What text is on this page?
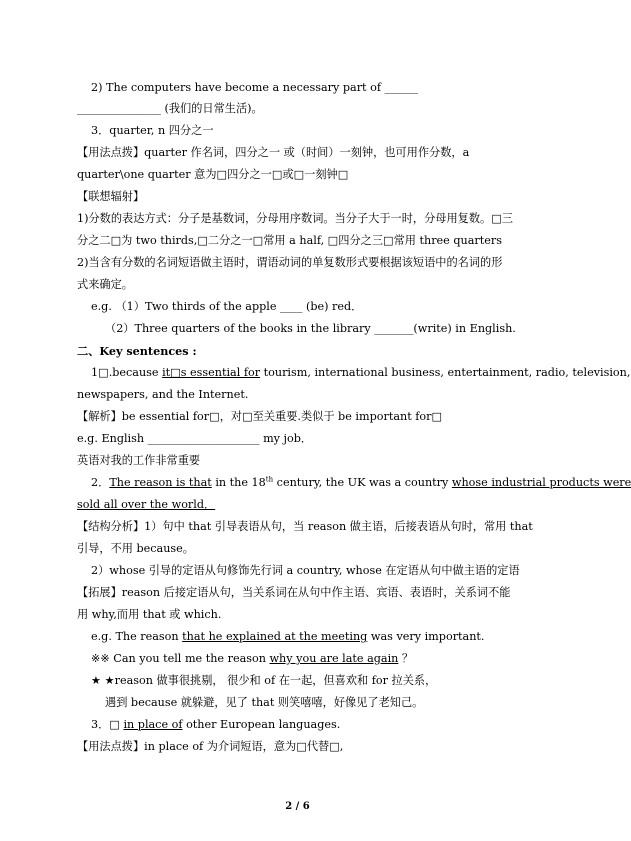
2) The computers have become a necessary part of ______
_______________ (我们的日常生活)。
3．quarter, n 四分之一
【用法点拨】quarter 作名词，四分之一 或（时间）一刻钟，也可用作分数，a
quarter\one quarter 意为□四分之一□或□一刻钟□
【联想辐射】
1)分数的表达方式：分子是基数词，分母用序数词。当分子大于一时，分母用复数。□三
分之二□为 two thirds,□二分之一□常用 a half, □四分之三□常用 three quarters
2)当含有分数的名词短语做主语时，谓语动词的单复数形式要根据该短语中的名词的形
式来确定。
e.g. （1）Two thirds of the apple ____ (be) red．
（2）Three quarters of the books in the library _______(write) in English.
二、Key sentences :
1□.because it□s essential for tourism, international business, entertainment, radio, television,
newspapers, and the Internet.
【解析】be essential for□，对□至关重要.类似于 be important for□
e.g. English ____________________ my job．
英语对我的工作非常重要
2．The reason is that in the 18th century, the UK was a country whose industrial products were
sold all over the world．
【结构分析】1）句中 that 引导表语从句，当 reason 做主语，后接表语从句时，常用 that
引导，不用 because。
2）whose 引导的定语从句修饰先行词 a country, whose 在定语从句中做主语的定语
【拓展】reason 后接定语从句，当关系词在从句中作主语、宾语、表语时，关系词不能
用 why,而用 that 或 which.
e.g. The reason that he explained at the meeting was very important.
※※ Can you tell me the reason why you are late again ？
★ ★reason 做事很挑剔， 很少和 of 在一起，但喜欢和 for 拉关系，
遇到 because 就躲避，见了 that 则笑嘻嘻，好像见了老知己。
3．□ in place of other European languages.
【用法点拨】in place of 为介词短语，意为□代替□,
2 / 6
